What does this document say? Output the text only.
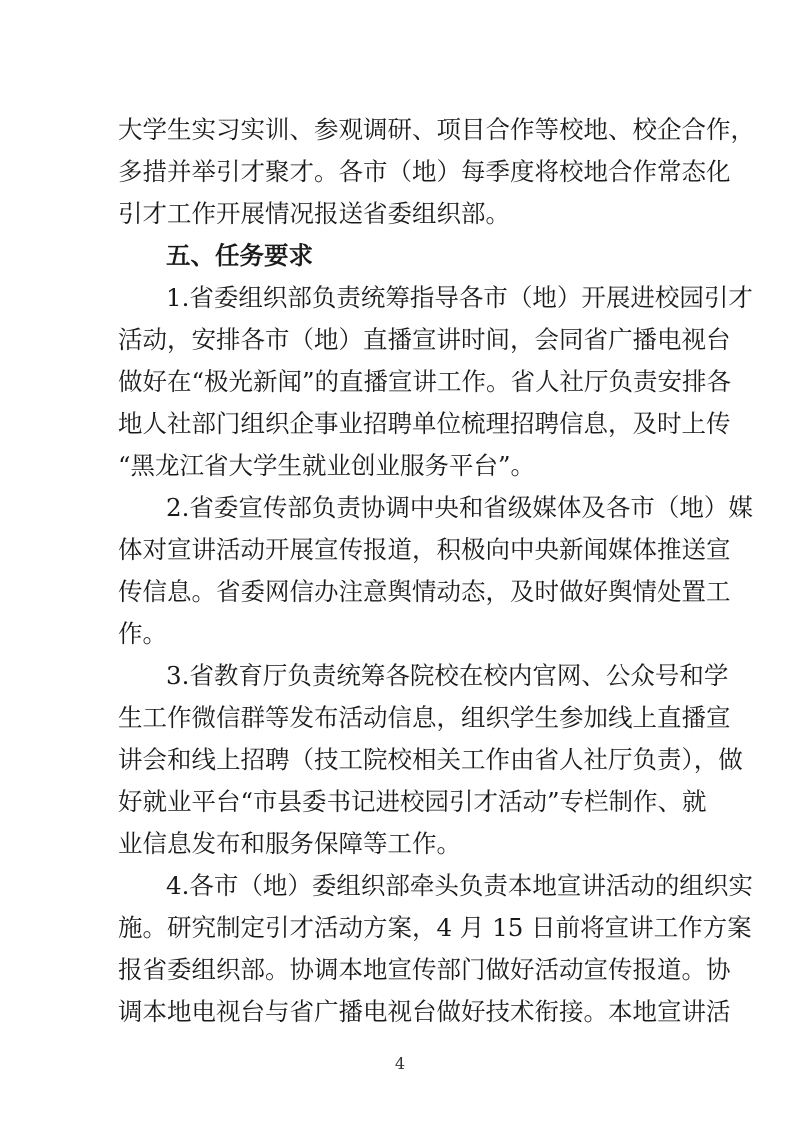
大学生实习实训、参观调研、项目合作等校地、校企合作，
多措并举引才聚才。各市（地）每季度将校地合作常态化
引才工作开展情况报送省委组织部。
五、任务要求
1.省委组织部负责统筹指导各市（地）开展进校园引才
活动，安排各市（地）直播宣讲时间，会同省广播电视台
做好在“极光新闻”的直播宣讲工作。省人社厅负责安排各
地人社部门组织企事业招聘单位梳理招聘信息，及时上传
“黑龙江省大学生就业创业服务平台”。
2.省委宣传部负责协调中央和省级媒体及各市（地）媒
体对宣讲活动开展宣传报道，积极向中央新闻媒体推送宣
传信息。省委网信办注意舆情动态，及时做好舆情处置工
作。
3.省教育厅负责统筹各院校在校内官网、公众号和学
生工作微信群等发布活动信息，组织学生参加线上直播宣
讲会和线上招聘（技工院校相关工作由省人社厅负责），做
好就业平台“市县委书记进校园引才活动”专栏制作、就
业信息发布和服务保障等工作。
4.各市（地）委组织部牵头负责本地宣讲活动的组织实
施。研究制定引才活动方案，4 月 15 日前将宣讲工作方案
报省委组织部。协调本地宣传部门做好活动宣传报道。协
调本地电视台与省广播电视台做好技术衔接。本地宣讲活
4
